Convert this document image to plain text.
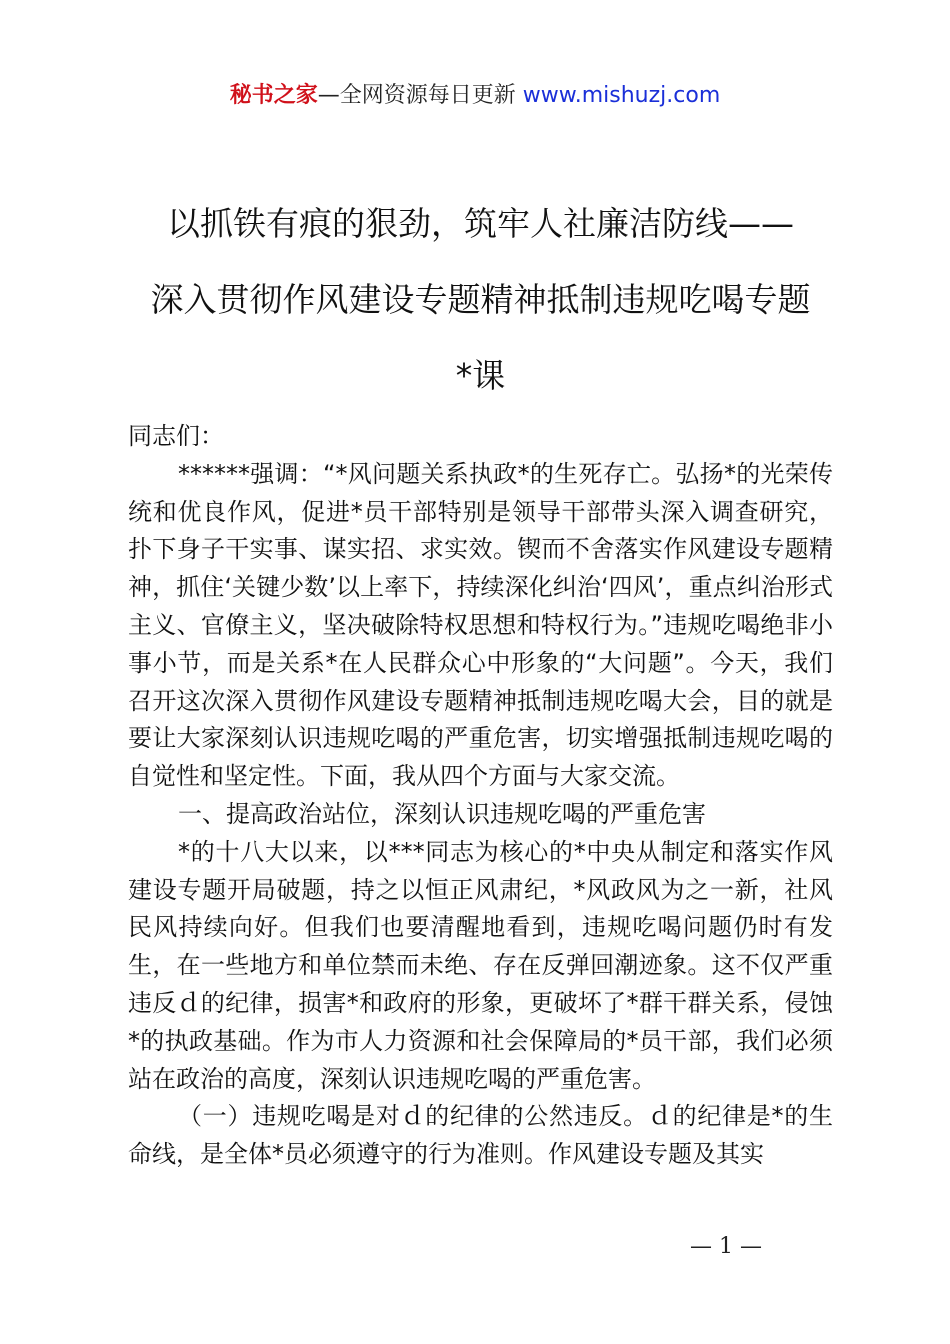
秘书之家—全网资源每日更新 www.mishuzj.com
以抓铁有痕的狠劲，筑牢人社廉洁防线——
深入贯彻作风建设专题精神抵制违规吃喝专题
*课

同志们：

******强调：“*风问题关系执政*的生死存亡。弘扬*的光荣传统和优良作风，促进*员干部特别是领导干部带头深入调查研究，扑下身子干实事、谋实招、求实效。锲而不舍落实作风建设专题精神，抓住‘关键少数’以上率下，持续深化纠治‘四风’，重点纠治形式主义、官僚主义，坚决破除特权思想和特权行为。”违规吃喝绝非小事小节，而是关系*在人民群众心中形象的“大问题”。今天，我们召开这次深入贯彻作风建设专题精神抵制违规吃喝大会，目的就是要让大家深刻认识违规吃喝的严重危害，切实增强抵制违规吃喝的自觉性和坚定性。下面，我从四个方面与大家交流。

一、提高政治站位，深刻认识违规吃喝的严重危害

*的十八大以来，以***同志为核心的*中央从制定和落实作风建设专题开局破题，持之以恒正风肃纪，*风政风为之一新，社风民风持续向好。但我们也要清醒地看到，违规吃喝问题仍时有发生，在一些地方和单位禁而未绝、存在反弹回潮迹象。这不仅严重违反ｄ的纪律，损害*和政府的形象，更破坏了*群干群关系，侵蚀*的执政基础。作为市人力资源和社会保障局的*员干部，我们必须站在政治的高度，深刻认识违规吃喝的严重危害。

（一）违规吃喝是对ｄ的纪律的公然违反。ｄ的纪律是*的生命线，是全体*员必须遵守的行为准则。作风建设专题及其实

— 1 —
